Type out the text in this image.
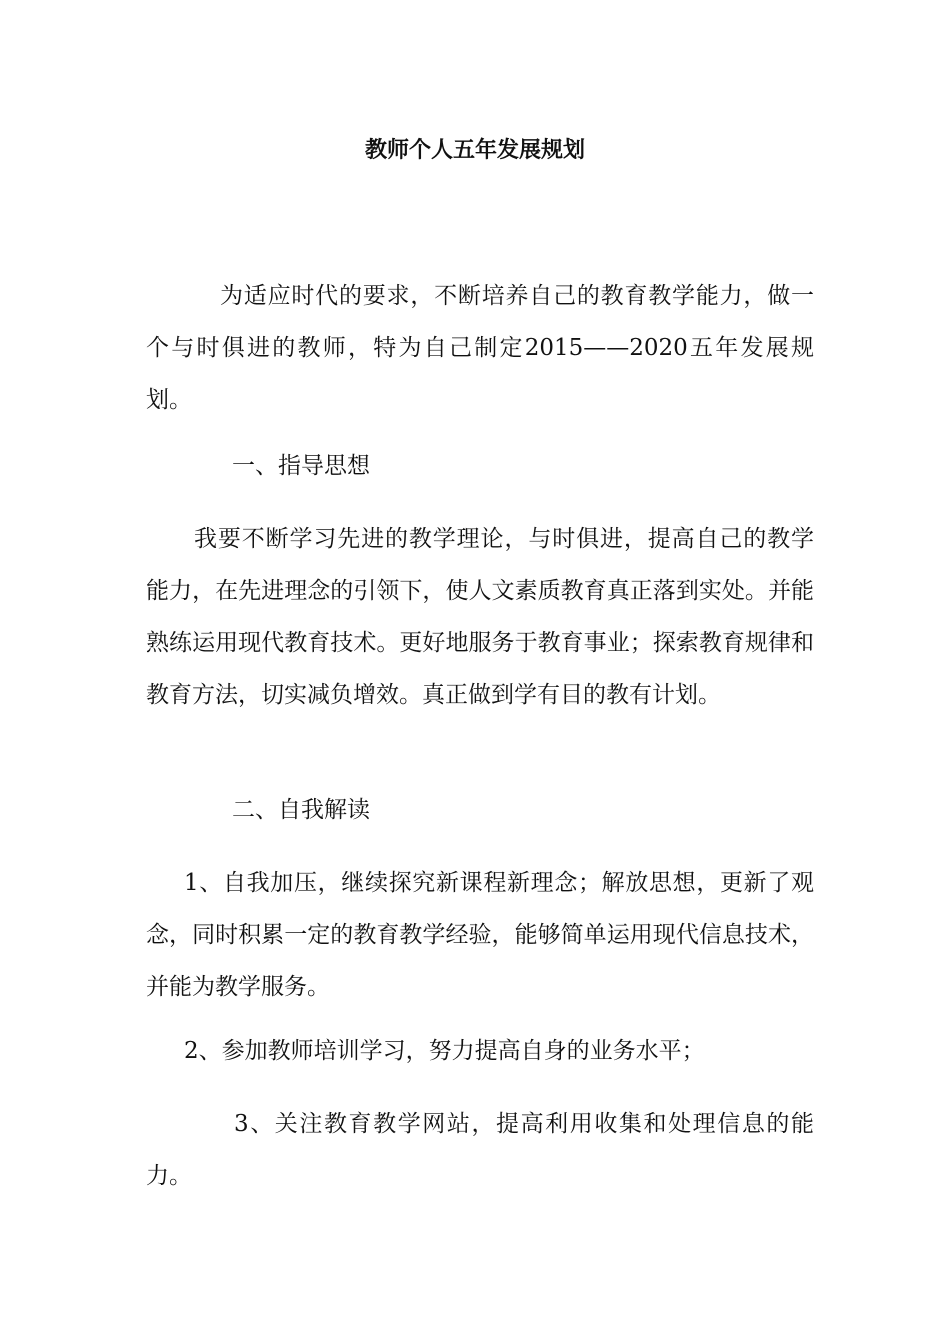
教师个人五年发展规划

为适应时代的要求，不断培养自己的教育教学能力，做一个与时俱进的教师，特为自己制定2015——2020五年发展规划。

一、指导思想

我要不断学习先进的教学理论，与时俱进，提高自己的教学能力，在先进理念的引领下，使人文素质教育真正落到实处。并能熟练运用现代教育技术。更好地服务于教育事业；探索教育规律和教育方法，切实减负增效。真正做到学有目的教有计划。

二、自我解读

1、自我加压，继续探究新课程新理念；解放思想，更新了观念，同时积累一定的教育教学经验，能够简单运用现代信息技术，并能为教学服务。

2、参加教师培训学习，努力提高自身的业务水平；

3、关注教育教学网站，提高利用收集和处理信息的能力。
